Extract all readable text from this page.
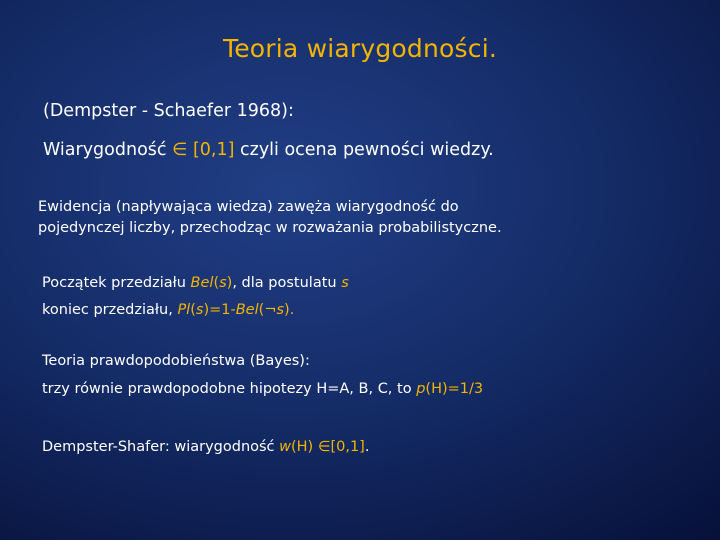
Teoria wiarygodności.
(Dempster - Schaefer 1968):
Wiarygodność ∈ [0,1] czyli ocena pewności wiedzy.
Ewidencja (napływająca wiedza) zawęża wiarygodność do
pojedynczej liczby, przechodząc w rozważania probabilistyczne.
Początek przedziału Bel(s), dla postulatu s
koniec przedziału, Pl(s)=1-Bel(¬s).
Teoria prawdopodobieństwa (Bayes):
trzy równie prawdopodobne hipotezy H=A, B, C, to p(H)=1/3
Dempster-Shafer: wiarygodność w(H) ∈[0,1].
